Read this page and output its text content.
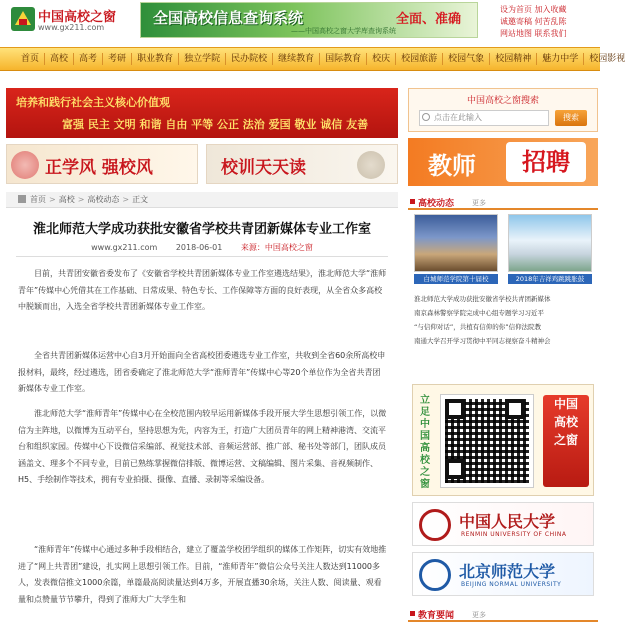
中国高校之窗
www.gx211.com
全国高校信息查询系统	全面、准确
——中国高校之窗大学库查询系统
设为首页 加入收藏
诚邀寄稿 何苦乱陈
网站地图 联系我们
首页	高校	高考	考研	职业教育	独立学院	民办院校	继续教育	国际教育	校庆	校园旅游	校园气象	校园精神	魅力中学	校园影视
培养和践行社会主义核心价值观
富强 民主 文明 和谐 自由 平等 公正 法治 爱国 敬业 诚信 友善
正学风 强校风	校训天天读
首页 > 高校 > 高校动态 > 正文
淮北师范大学成功获批安徽省学校共青团新媒体专业工作室
www.gx211.com 2018-06-01 来源：中国高校之窗

目前，共青团安徽省委发布了《安徽省学校共青团新媒体专业工作室遴选结果》，淮北师范大学“淮师青年”传媒中心凭借其在工作基础、日常成果、特色专长、工作保障等方面的良好表现，从全省众多高校中脱颖而出，入选全省学校共青团新媒体专业工作室。

全省共青团新媒体运营中心自3月开始面向全省高校团委遴选专业工作室，共收到全省60余所高校申报材料，最终，经过遴选，团省委确定了淮北师范大学“淮师青年”传媒中心等20个单位作为全省共青团新媒体专业工作室。

淮北师范大学“淮师青年”传媒中心在全校范围内较早运用新媒体手段开展大学生思想引领工作，以微信为主阵地，以微博为互动平台，坚持思想为先，内容为王，打造广大团员青年的网上精神港湾、交流平台和组织家园。传媒中心下设微信采编部、视觉技术部、音频运营部、推广部、秘书处等部门，团队成员涵盖文、理多个不同专业，目前已熟练掌握微信排版、微博运营、文稿编辑、图片采集、音视频制作、H5、手绘制作等技术，拥有专业拍摄、摄像、直播、录制等采编设备。

“淮师青年”传媒中心通过多种手段相结合，建立了覆盖学校团学组织的媒体工作矩阵，切实有效地推进了“网上共青团”建设，扎实网上思想引领工作。目前，“淮师青年”微信公众号关注人数达到11000多人，发表微信推文1000余篇，单篇最高阅读量达到4万多，开展直播30余场，关注人数、阅读量、观看量和点赞量节节攀升，得到了淮师大广大学生和

中国高校之窗搜索
点击在此输入	搜索
教师	招聘
高校动态	更多
白城师范学院第十届校	2018年吉祥鸡跳跳胀鼓
淮北师范大学成功获批安徽省学校共青团新媒体
南京森林警察学院完成中心组专题学习习近平
“与信仰对话”，共植有信仰的你”信仰法院教
南通大学召开学习贯彻中平同志视察奋斗精神会
立足中国高校之窗
中国
高校
之窗
中国人民大学
RENMIN UNIVERSITY OF CHINA
北京师范大学
BEIJING NORMAL UNIVERSITY
教育要闻	更多
